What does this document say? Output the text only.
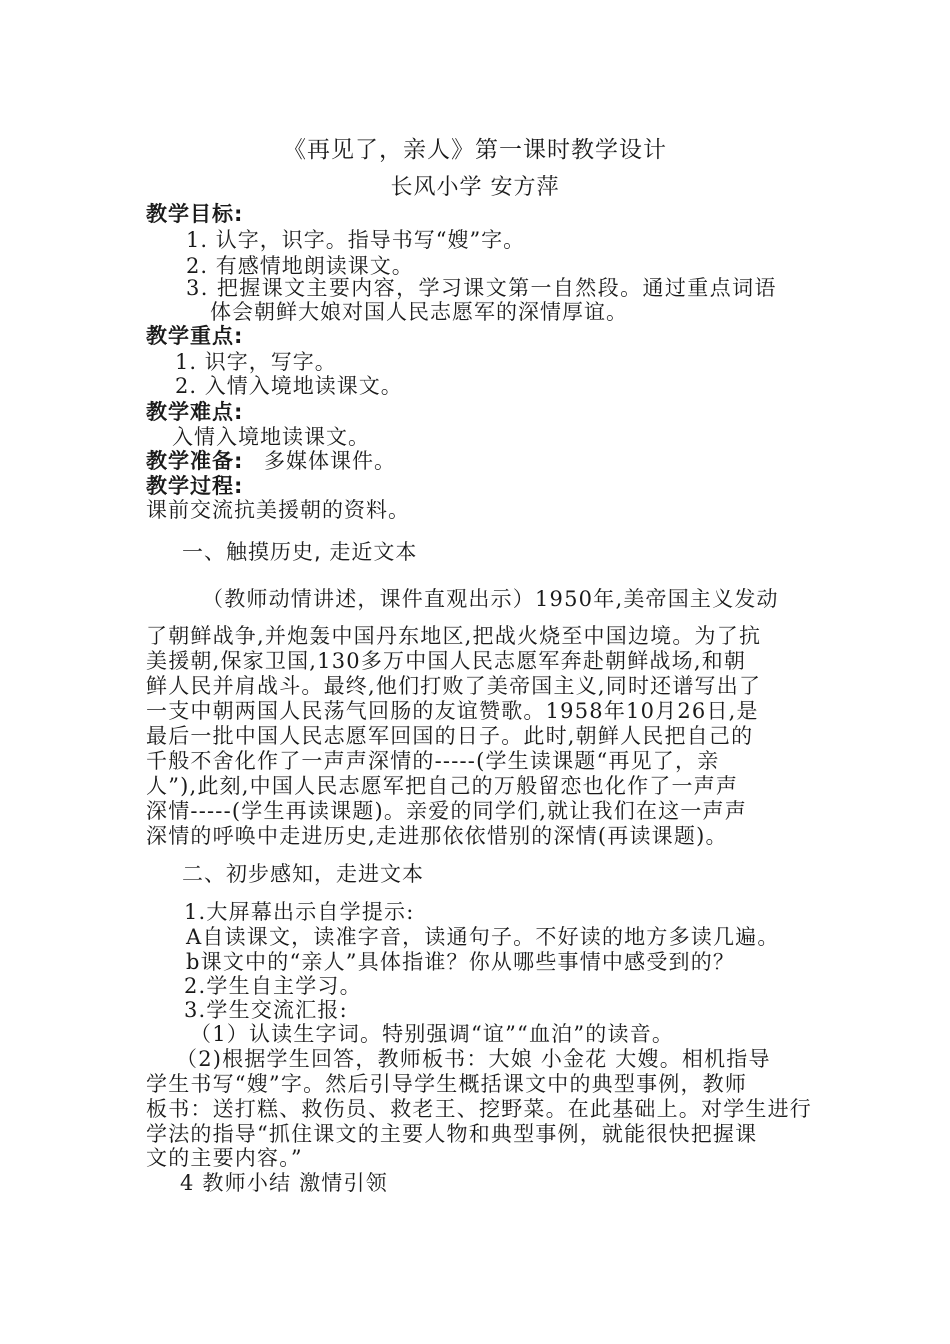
《再见了，亲人》第一课时教学设计
长风小学 安方萍
教学目标:
1. 认字，识字。指导书写“嫂”字。
2. 有感情地朗读课文。
3. 把握课文主要内容，学习课文第一自然段。通过重点词语
体会朝鲜大娘对国人民志愿军的深情厚谊。
教学重点:
1. 识字，写字。
2. 入情入境地读课文。
教学难点:
入情入境地读课文。
教学准备: 多媒体课件。
教学过程:
课前交流抗美援朝的资料。
一、触摸历史, 走近文本
（教师动情讲述，课件直观出示）1950年,美帝国主义发动
了朝鲜战争,并炮轰中国丹东地区,把战火烧至中国边境。为了抗
美援朝,保家卫国,130多万中国人民志愿军奔赴朝鲜战场,和朝
鲜人民并肩战斗。最终,他们打败了美帝国主义,同时还谱写出了
一支中朝两国人民荡气回肠的友谊赞歌。1958年10月26日,是
最后一批中国人民志愿军回国的日子。此时,朝鲜人民把自己的
千般不舍化作了一声声深情的-----(学生读课题“再见了，亲
人”),此刻,中国人民志愿军把自己的万般留恋也化作了一声声
深情-----(学生再读课题)。亲爱的同学们,就让我们在这一声声
深情的呼唤中走进历史,走进那依依惜别的深情(再读课题)。
二、初步感知，走进文本
1.大屏幕出示自学提示:
A自读课文，读准字音，读通句子。不好读的地方多读几遍。
b课文中的“亲人”具体指谁？你从哪些事情中感受到的？
2.学生自主学习。
3.学生交流汇报:
（1）认读生字词。特别强调“谊”“血泊”的读音。
（2)根据学生回答，教师板书：大娘 小金花 大嫂。相机指导
学生书写“嫂”字。然后引导学生概括课文中的典型事例，教师
板书：送打糕、救伤员、救老王、挖野菜。在此基础上。对学生进行
学法的指导“抓住课文的主要人物和典型事例，就能很快把握课
文的主要内容。”
4 教师小结 激情引领
